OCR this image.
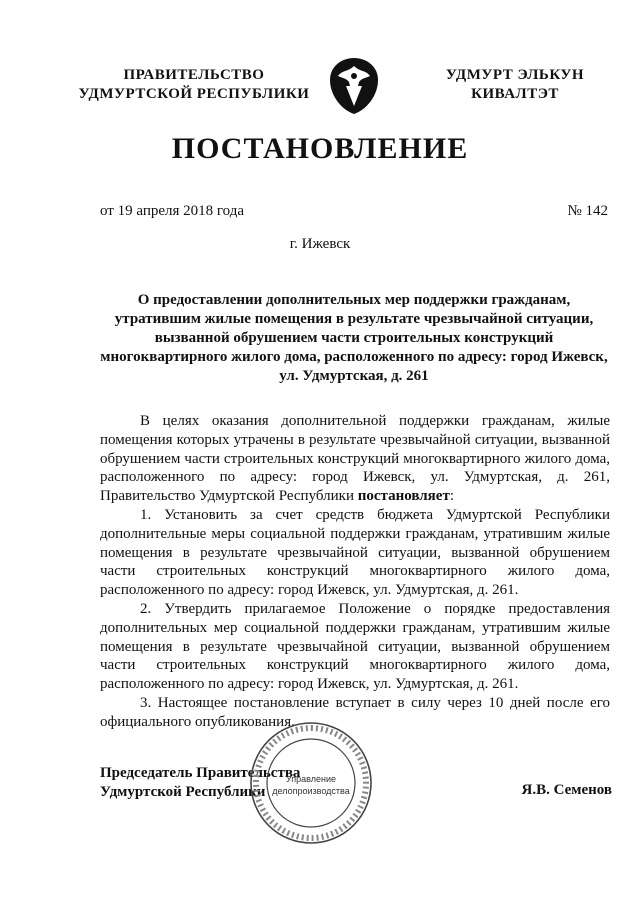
ПРАВИТЕЛЬСТВО
УДМУРТСКОЙ РЕСПУБЛИКИ
УДМУРТ ЭЛЬКУН
КИВАЛТЭТ
ПОСТАНОВЛЕНИЕ
от 19 апреля 2018 года	№ 142
г. Ижевск
О предоставлении дополнительных мер поддержки гражданам,
утратившим жилые помещения в результате чрезвычайной ситуации,
вызванной обрушением части строительных конструкций
многоквартирного жилого дома, расположенного по адресу: город Ижевск,
ул. Удмуртская, д. 261

В целях оказания дополнительной поддержки гражданам, жилые помещения которых утрачены в результате чрезвычайной ситуации, вызванной обрушением части строительных конструкций многоквартирного жилого дома, расположенного по адресу: город Ижевск, ул. Удмуртская, д. 261, Правительство Удмуртской Республики постановляет:

1. Установить за счет средств бюджета Удмуртской Республики дополнительные меры социальной поддержки гражданам, утратившим жилые помещения в результате чрезвычайной ситуации, вызванной обрушением части строительных конструкций многоквартирного жилого дома, расположенного по адресу: город Ижевск, ул. Удмуртская, д. 261.

2. Утвердить прилагаемое Положение о порядке предоставления дополнительных мер социальной поддержки гражданам, утратившим жилые помещения в результате чрезвычайной ситуации, вызванной обрушением части строительных конструкций многоквартирного жилого дома, расположенного по адресу: город Ижевск, ул. Удмуртская, д. 261.

3. Настоящее постановление вступает в силу через 10 дней после его официального опубликования.

Председатель Правительства
Удмуртской Республики
Управление
делопроизводства	Я.В. Семенов
